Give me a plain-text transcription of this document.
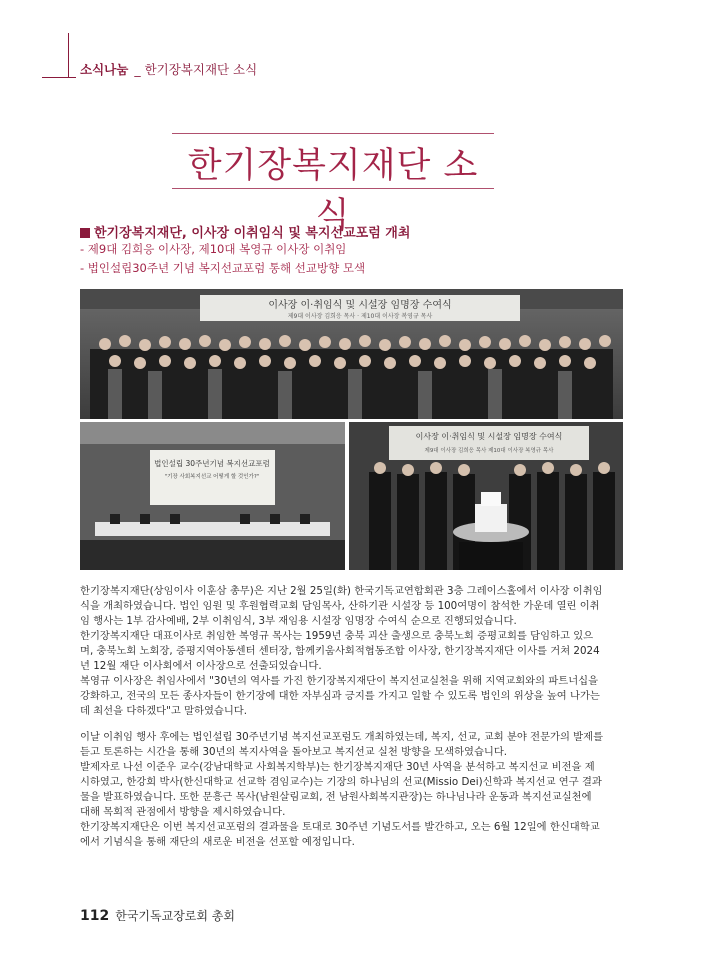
소식나눔 _ 한기장복지재단 소식
한기장복지재단 소식
한기장복지재단, 이사장 이취임식 및 복지선교포럼 개최
- 제9대 김희응 이사장, 제10대 복영규 이사장 이취임
- 법인설립30주년 기념 복지선교포럼 통해 선교방향 모색
이사장 이·취임식 및 시설장 임명장 수여식
제9대 이사장 김희응 목사 · 제10대 이사장 복영규 목사
법인설립 30주년기념 복지선교포럼
"기장 사회복지선교 어떻게 할 것인가?"
이사장 이·취임식 및 시설장 임명장 수여식
제9대 이사장 김희응 목사 제10대 이사장 복영규 목사

한기장복지재단(상임이사 이훈삼 총무)은 지난 2월 25일(화) 한국기독교연합회관 3층 그레이스홀에서 이사장 이취임

식을 개최하였습니다. 법인 임원 및 후원협력교회 담임목사, 산하기관 시설장 등 100여명이 참석한 가운데 열린 이취

임 행사는 1부 감사예배, 2부 이취임식, 3부 재임용 시설장 임명장 수여식 순으로 진행되었습니다.

한기장복지재단 대표이사로 취임한 복영규 목사는 1959년 충북 괴산 출생으로 충북노회 증평교회를 담임하고 있으

며, 충북노회 노회장, 증평지역아동센터 센터장, 함께키움사회적협동조합 이사장, 한기장복지재단 이사를 거쳐 2024

년 12월 재단 이사회에서 이사장으로 선출되었습니다.

복영규 이사장은 취임사에서 "30년의 역사를 가진 한기장복지재단이 복지선교실천을 위해 지역교회와의 파트너십을

강화하고, 전국의 모든 종사자들이 한기장에 대한 자부심과 긍지를 가지고 일할 수 있도록 법인의 위상을 높여 나가는

데 최선을 다하겠다"고 말하였습니다.

이날 이취임 행사 후에는 법인설립 30주년기념 복지선교포럼도 개최하였는데, 복지, 선교, 교회 분야 전문가의 발제를

듣고 토론하는 시간을 통해 30년의 복지사역을 돌아보고 복지선교 실천 방향을 모색하였습니다.

발제자로 나선 이준우 교수(강남대학교 사회복지학부)는 한기장복지재단 30년 사역을 분석하고 복지선교 비전을 제

시하였고, 한강희 박사(한신대학교 선교학 겸임교수)는 기장의 하나님의 선교(Missio Dei)신학과 복지선교 연구 결과

물을 발표하였습니다. 또한 문흥근 목사(남원살림교회, 전 남원사회복지관장)는 하나님나라 운동과 복지선교실천에

대해 목회적 관점에서 방향을 제시하였습니다.

한기장복지재단은 이번 복지선교포럼의 결과물을 토대로 30주년 기념도서를 발간하고, 오는 6월 12일에 한신대학교

에서 기념식을 통해 재단의 새로운 비전을 선포할 예정입니다.

112 한국기독교장로회 총회
